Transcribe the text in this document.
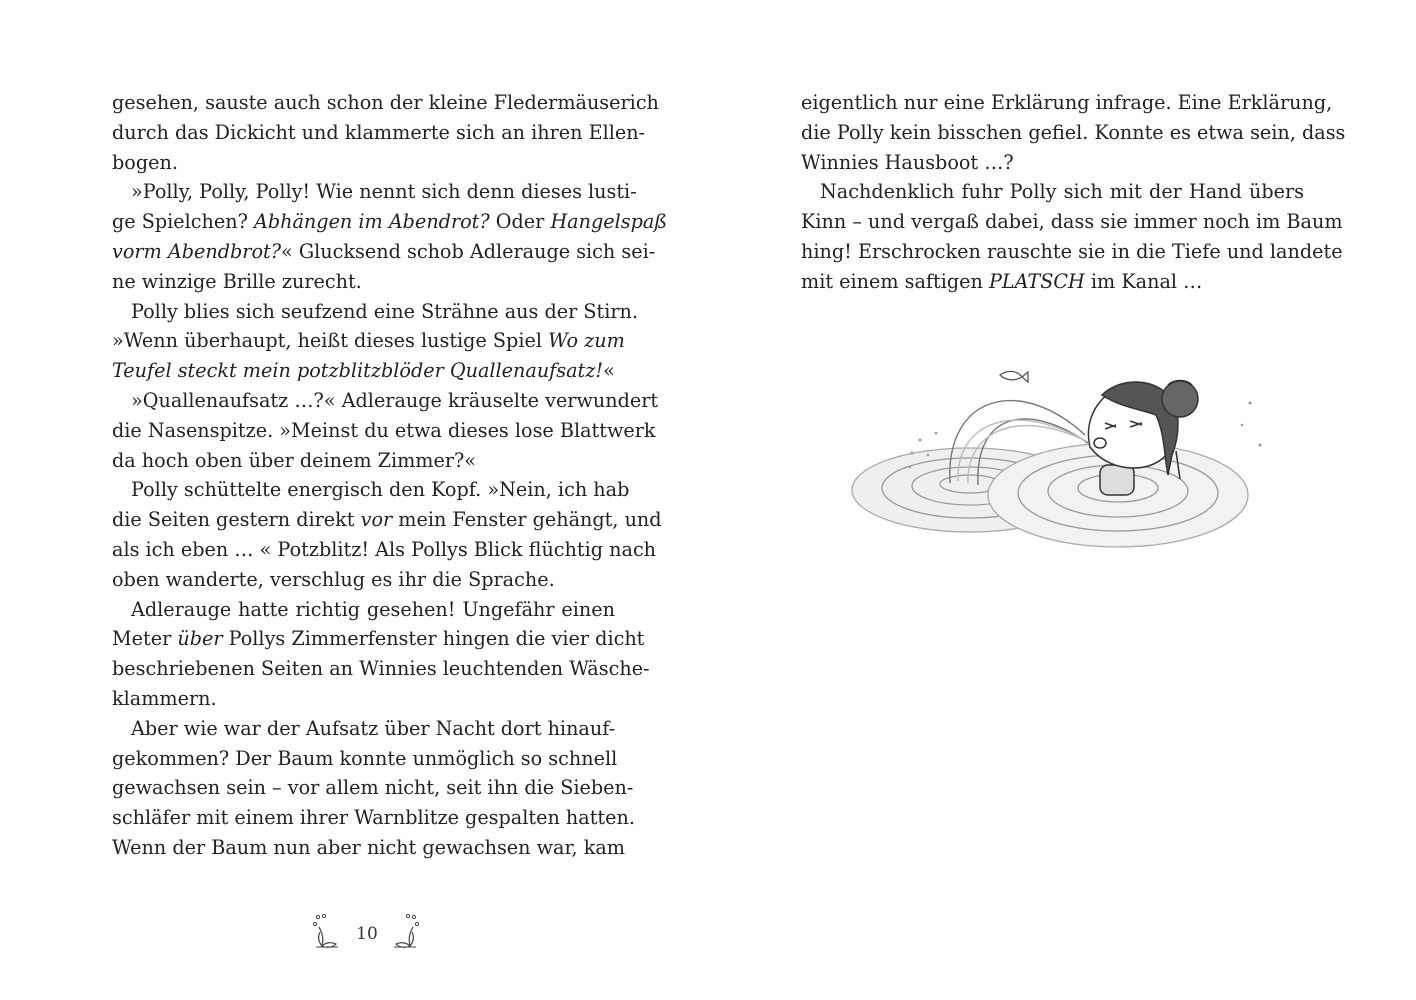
gesehen, sauste auch schon der kleine Fledermäuserich
durch das Dickicht und klammerte sich an ihren Ellen-
bogen.

»Polly, Polly, Polly! Wie nennt sich denn dieses lusti-
ge Spielchen? Abhängen im Abendrot? Oder Hangelspaß
vorm Abendbrot?« Glucksend schob Adlerauge sich sei-
ne winzige Brille zurecht.

Polly blies sich seufzend eine Strähne aus der Stirn.
»Wenn überhaupt, heißt dieses lustige Spiel Wo zum
Teufel steckt mein potzblitzblöder Quallenaufsatz!«

»Quallenaufsatz …?« Adlerauge kräuselte verwundert
die Nasenspitze. »Meinst du etwa dieses lose Blattwerk
da hoch oben über deinem Zimmer?«

Polly schüttelte energisch den Kopf. »Nein, ich hab
die Seiten gestern direkt vor mein Fenster gehängt, und
als ich eben … « Potzblitz! Als Pollys Blick flüchtig nach
oben wanderte, verschlug es ihr die Sprache.

Adlerauge hatte richtig gesehen! Ungefähr einen
Meter über Pollys Zimmerfenster hingen die vier dicht
beschriebenen Seiten an Winnies leuchtenden Wäsche-
klammern.

Aber wie war der Aufsatz über Nacht dort hinauf-
gekommen? Der Baum konnte unmöglich so schnell
gewachsen sein – vor allem nicht, seit ihn die Sieben-
schläfer mit einem ihrer Warnblitze gespalten hatten.
Wenn der Baum nun aber nicht gewachsen war, kam

10

eigentlich nur eine Erklärung infrage. Eine Erklärung,
die Polly kein bisschen gefiel. Konnte es etwa sein, dass
Winnies Hausboot …?

Nachdenklich fuhr Polly sich mit der Hand übers
Kinn – und vergaß dabei, dass sie immer noch im Baum
hing! Erschrocken rauschte sie in die Tiefe und landete
mit einem saftigen PLATSCH im Kanal …
